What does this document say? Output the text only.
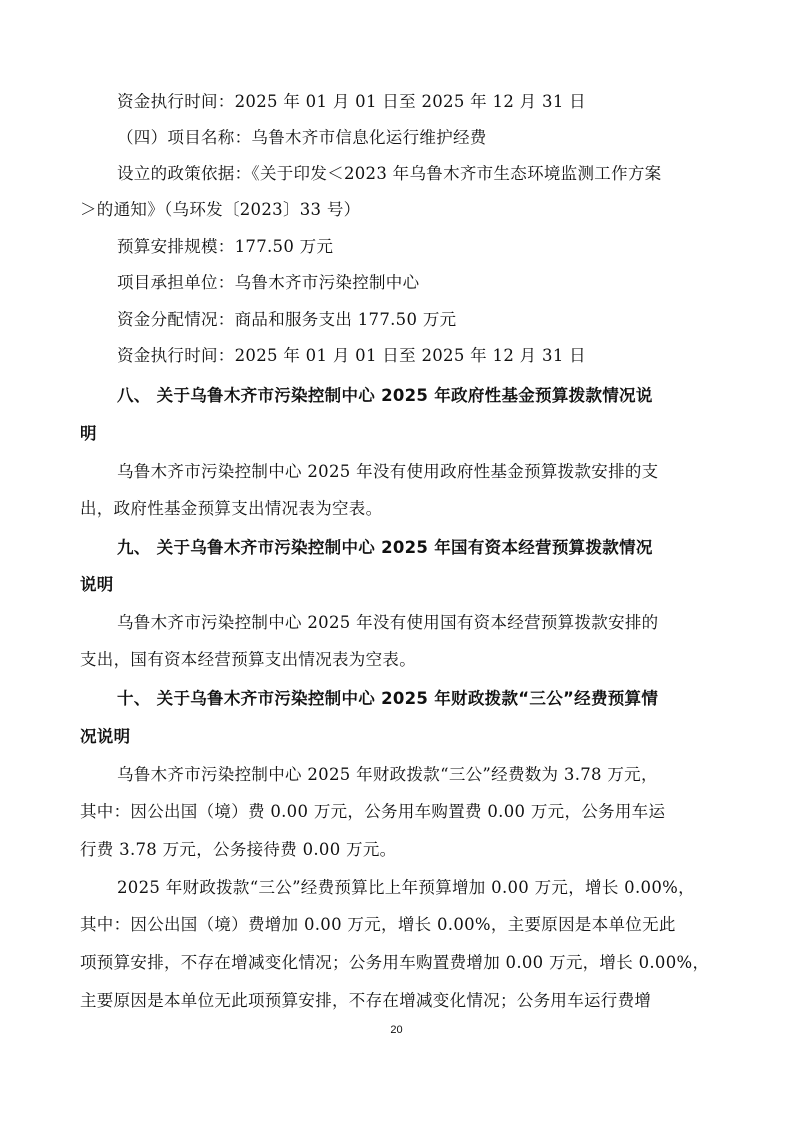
资金执行时间：2025 年 01 月 01 日至 2025 年 12 月 31 日
（四）项目名称：乌鲁木齐市信息化运行维护经费
设立的政策依据：《关于印发＜2023 年乌鲁木齐市生态环境监测工作方案
＞的通知》（乌环发〔2023〕33 号）
预算安排规模：177.50 万元
项目承担单位：乌鲁木齐市污染控制中心
资金分配情况：商品和服务支出 177.50 万元
资金执行时间：2025 年 01 月 01 日至 2025 年 12 月 31 日
八、 关于乌鲁木齐市污染控制中心 2025 年政府性基金预算拨款情况说
明
乌鲁木齐市污染控制中心 2025 年没有使用政府性基金预算拨款安排的支
出，政府性基金预算支出情况表为空表。
九、 关于乌鲁木齐市污染控制中心 2025 年国有资本经营预算拨款情况
说明
乌鲁木齐市污染控制中心 2025 年没有使用国有资本经营预算拨款安排的
支出，国有资本经营预算支出情况表为空表。
十、 关于乌鲁木齐市污染控制中心 2025 年财政拨款“三公”经费预算情
况说明
乌鲁木齐市污染控制中心 2025 年财政拨款“三公”经费数为 3.78 万元，
其中：因公出国（境）费 0.00 万元，公务用车购置费 0.00 万元，公务用车运
行费 3.78 万元，公务接待费 0.00 万元。
2025 年财政拨款“三公”经费预算比上年预算增加 0.00 万元，增长 0.00%，
其中：因公出国（境）费增加 0.00 万元，增长 0.00%，主要原因是本单位无此
项预算安排，不存在增减变化情况；公务用车购置费增加 0.00 万元，增长 0.00%，
主要原因是本单位无此项预算安排，不存在增减变化情况；公务用车运行费增
20
